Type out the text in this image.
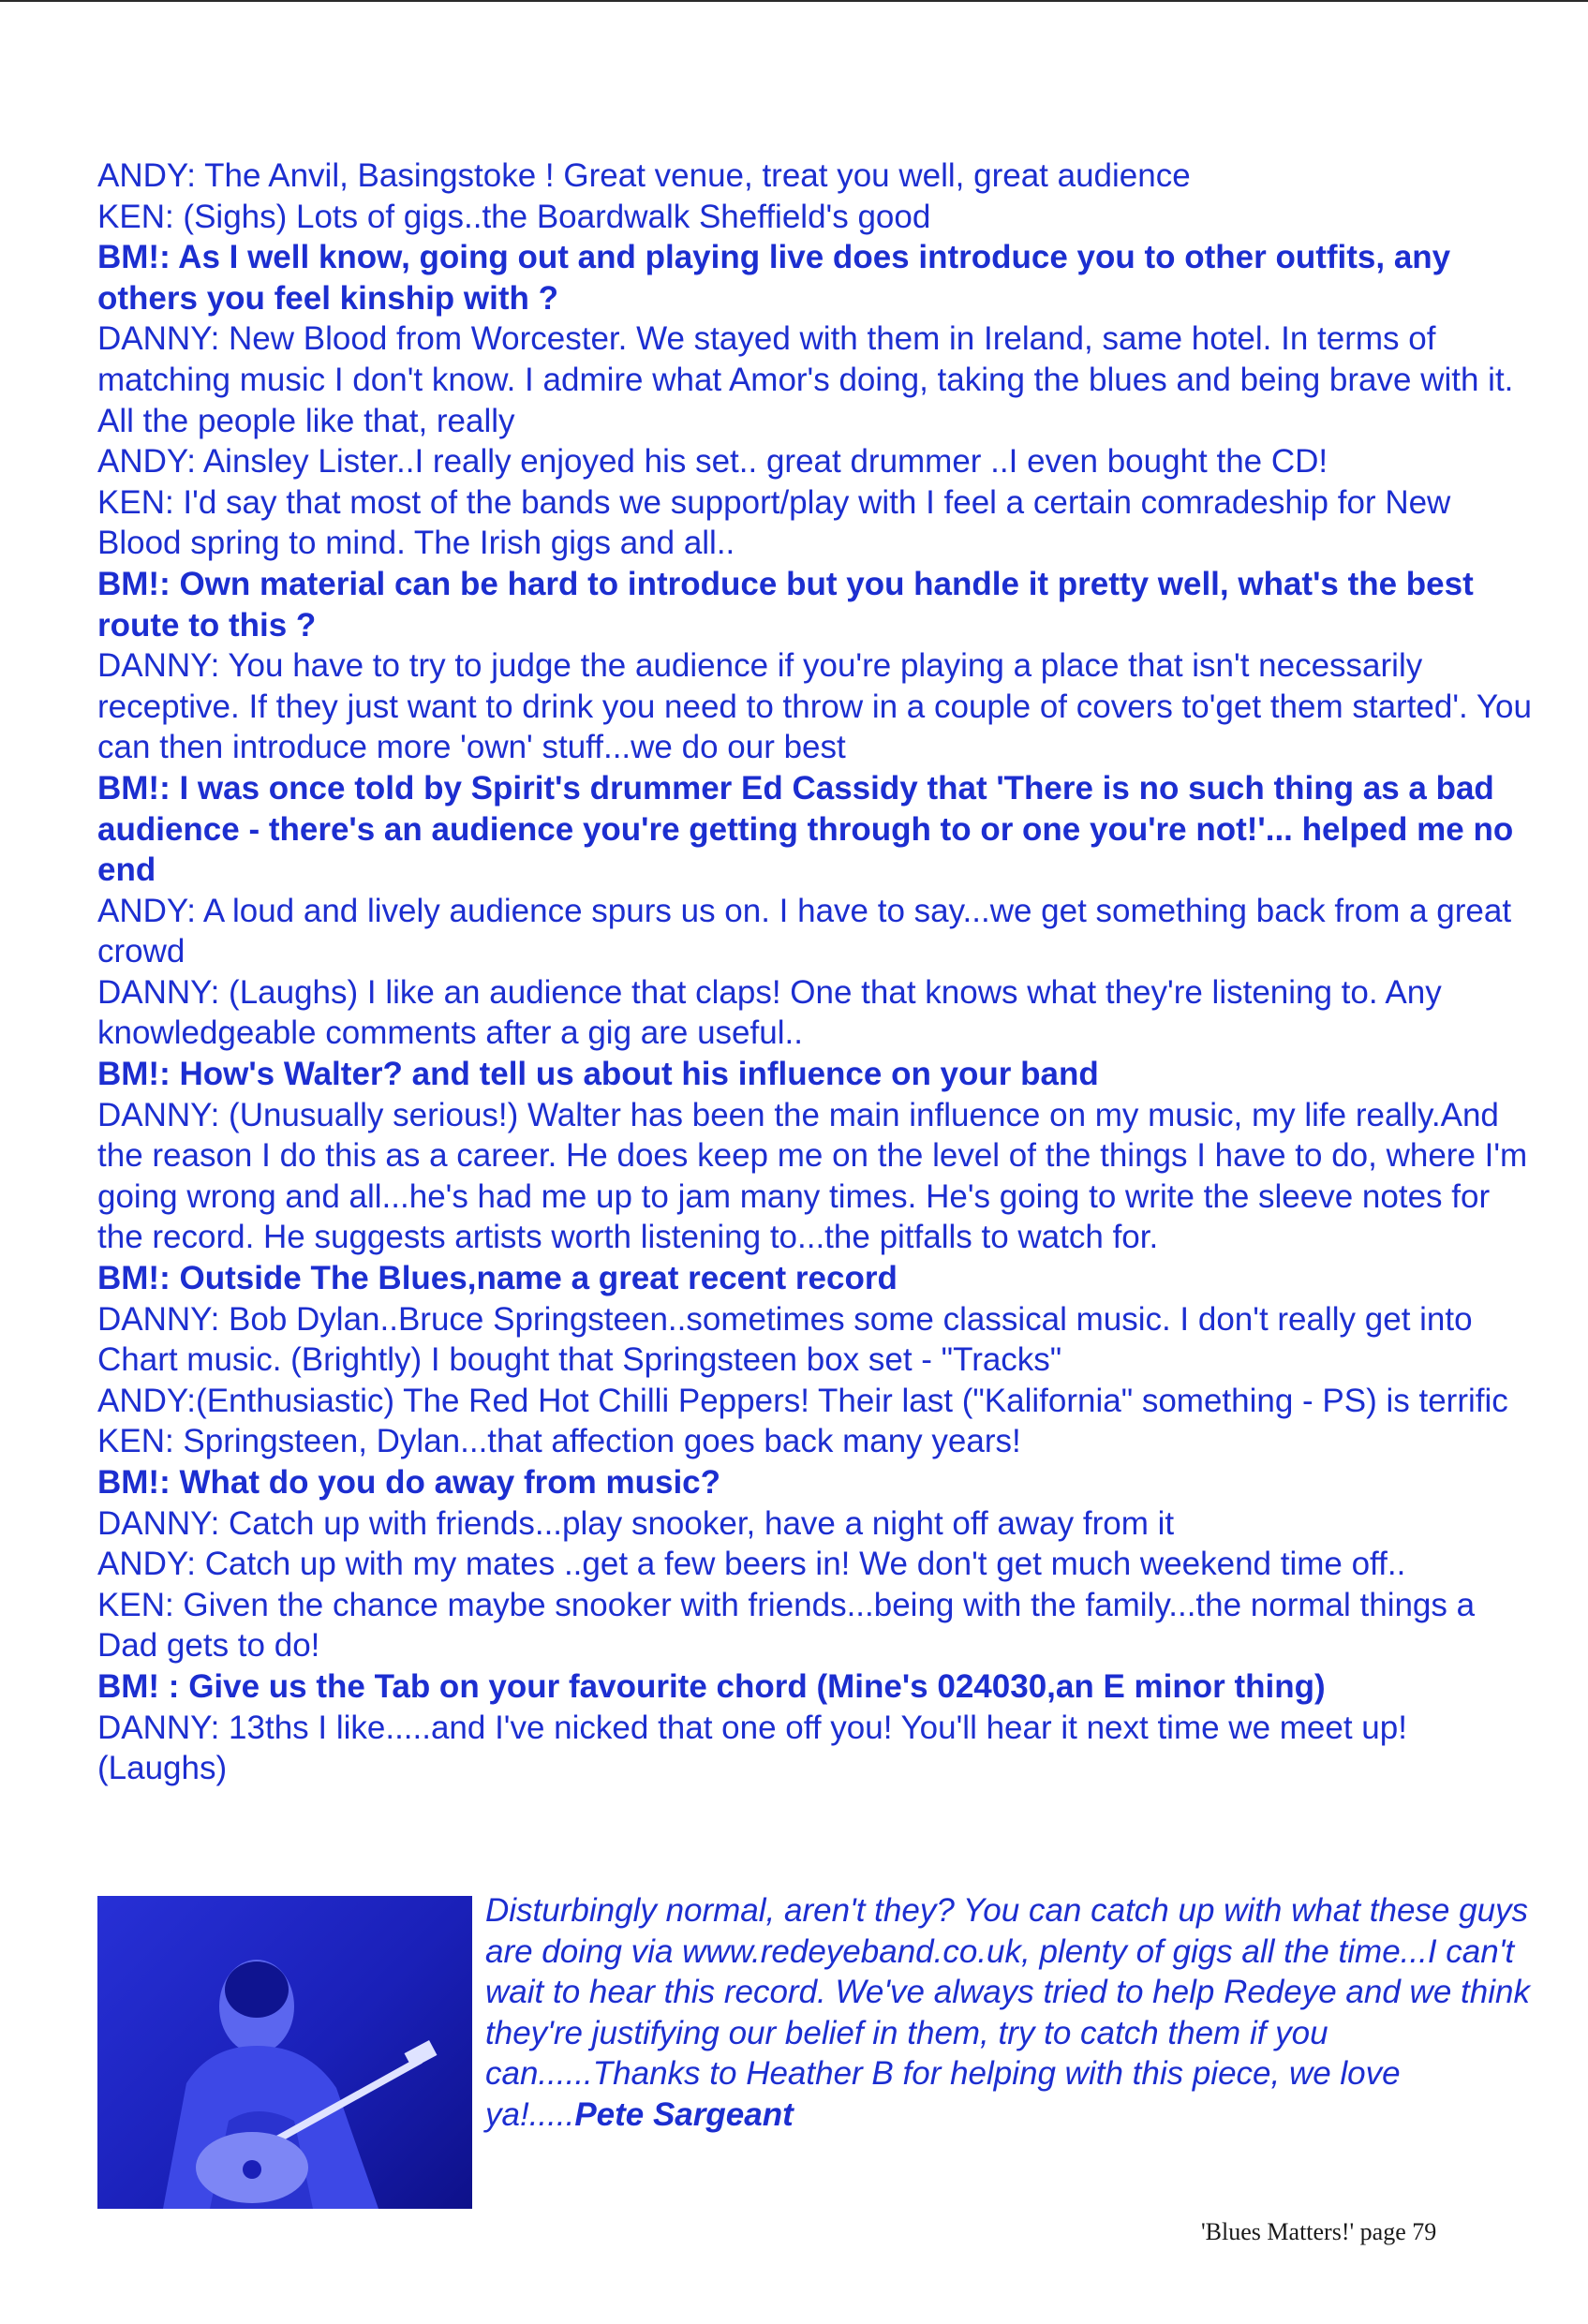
ANDY: The Anvil, Basingstoke ! Great venue, treat you well, great audience

KEN: (Sighs) Lots of gigs..the Boardwalk Sheffield's good

BM!: As I well know, going out and playing live does introduce you to other outfits, any others you feel kinship with ?

DANNY: New Blood from Worcester. We stayed with them in Ireland, same hotel. In terms of matching music I don't know. I admire what Amor's doing, taking the blues and being brave with it. All the people like that, really

ANDY: Ainsley Lister..I really enjoyed his set.. great drummer ..I even bought the CD!

KEN: I'd say that most of the bands we support/play with I feel a certain comradeship for New Blood spring to mind. The Irish gigs and all..

BM!: Own material can be hard to introduce but you handle it pretty well, what's the best route to this ?

DANNY: You have to try to judge the audience if you're playing a place that isn't necessarily receptive. If they just want to drink you need to throw in a couple of covers to'get them started'. You can then introduce more 'own' stuff...we do our best

BM!: I was once told by Spirit's drummer Ed Cassidy that 'There is no such thing as a bad audience - there's an audience you're getting through to or one you're not!'... helped me no end

ANDY: A loud and lively audience spurs us on. I have to say...we get something back from a great crowd

DANNY: (Laughs) I like an audience that claps! One that knows what they're listening to. Any knowledgeable comments after a gig are useful..

BM!: How's Walter? and tell us about his influence on your band

DANNY: (Unusually serious!) Walter has been the main influence on my music, my life really.And the reason I do this as a career. He does keep me on the level of the things I have to do, where I'm going wrong and all...he's had me up to jam many times. He's going to write the sleeve notes for the record. He suggests artists worth listening to...the pitfalls to watch for.

BM!: Outside The Blues,name a great recent record

DANNY: Bob Dylan..Bruce Springsteen..sometimes some classical music. I don't really get into Chart music. (Brightly) I bought that Springsteen box set - "Tracks"

ANDY:(Enthusiastic) The Red Hot Chilli Peppers! Their last ("Kalifornia" something - PS) is terrific

KEN: Springsteen, Dylan...that affection goes back many years!

BM!: What do you do away from music?

DANNY: Catch up with friends...play snooker, have a night off away from it

ANDY: Catch up with my mates ..get a few beers in! We don't get much weekend time off..

KEN: Given the chance maybe snooker with friends...being with the family...the normal things a Dad gets to do!

BM! : Give us the Tab on your favourite chord (Mine's 024030,an E minor thing)

DANNY: 13ths I like.....and I've nicked that one off you! You'll hear it next time we meet up! (Laughs)

Disturbingly normal, aren't they? You can catch up with what these guys are doing via www.redeyeband.co.uk, plenty of gigs all the time...I can't wait to hear this record. We've always tried to help Redeye and we think they're justifying our belief in them, try to catch them if you can......Thanks to Heather B for helping with this piece, we love ya!.....Pete Sargeant
'Blues Matters!' page 79
